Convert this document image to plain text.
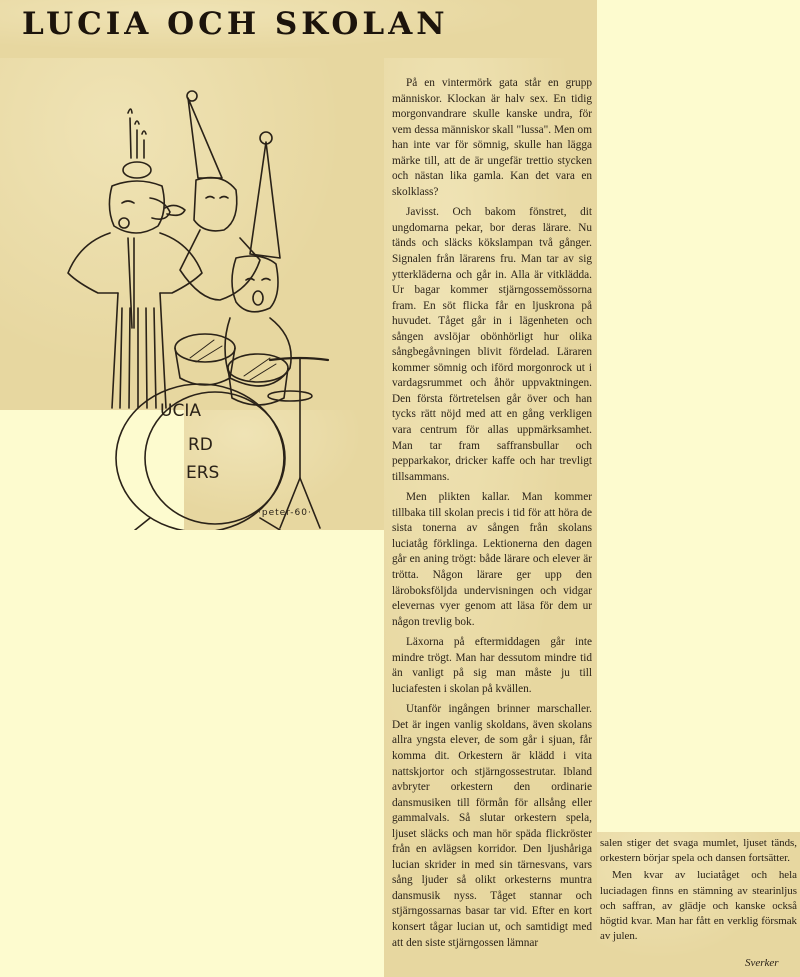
LUCIA OCH SKOLAN
UCIA
RD
ERS
·peter-60·

På en vintermörk gata står en grupp människor. Klockan är halv sex. En tidig morgonvandrare skulle kanske undra, för vem dessa människor skall "lussa". Men om han inte var för sömnig, skulle han lägga märke till, att de är ungefär trettio stycken och nästan lika gamla. Kan det vara en skolklass?

Javisst. Och bakom fönstret, dit ungdomarna pekar, bor deras lärare. Nu tänds och släcks kökslampan två gånger. Signalen från lärarens fru. Man tar av sig ytterkläderna och går in. Alla är vitklädda. Ur bagar kommer stjärngossemössorna fram. En söt flicka får en ljuskrona på huvudet. Tåget går in i lägenheten och sången avslöjar obönhörligt hur olika sångbegåvningen blivit fördelad. Läraren kommer sömnig och iförd morgonrock ut i vardagsrummet och åhör uppvaktningen. Den första förtretelsen går över och han tycks rätt nöjd med att en gång verkligen vara centrum för allas uppmärksamhet. Man tar fram saffransbullar och pepparkakor, dricker kaffe och har trevligt tillsammans.

Men plikten kallar. Man kommer tillbaka till skolan precis i tid för att höra de sista tonerna av sången från skolans luciatåg förklinga. Lektionerna den dagen går en aning trögt: både lärare och elever är trötta. Någon lärare ger upp den läroboksföljda undervisningen och vidgar elevernas vyer genom att läsa för dem ur någon trevlig bok.

Läxorna på eftermiddagen går inte mindre trögt. Man har dessutom mindre tid än vanligt på sig man måste ju till luciafesten i skolan på kvällen.

Utanför ingången brinner marschaller. Det är ingen vanlig skoldans, även skolans allra yngsta elever, de som går i sjuan, får komma dit. Orkestern är klädd i vita nattskjortor och stjärngossestrutar. Ibland avbryter orkestern den ordinarie dansmusiken till förmån för allsång eller gammalvals. Så slutar orkestern spela, ljuset släcks och man hör späda flickröster från en avlägsen korridor. Den ljushåriga lucian skrider in med sin tärnesvans, vars sång ljuder så olikt orkesterns muntra dansmusik nyss. Tåget stannar och stjärngossarnas basar tar vid. Efter en kort konsert tågar lucian ut, och samtidigt med att den siste stjärngossen lämnar

salen stiger det svaga mumlet, ljuset tänds, orkestern börjar spela och dansen fortsätter.

Men kvar av luciatåget och hela luciadagen finns en stämning av stearinljus och saffran, av glädje och kanske också högtid kvar. Man har fått en verklig försmak av julen.

Sverker
